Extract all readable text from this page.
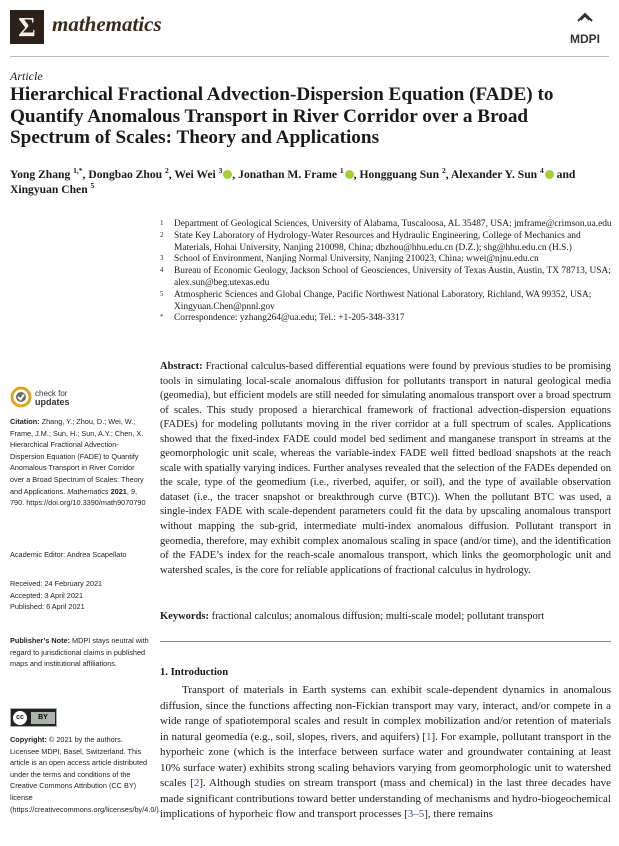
Σ mathematics
MDPI
Article
Hierarchical Fractional Advection-Dispersion Equation (FADE) to Quantify Anomalous Transport in River Corridor over a Broad Spectrum of Scales: Theory and Applications
Yong Zhang $^{1,*}$, Dongbao Zhou $^2$, Wei Wei $^3$ , Jonathan M. Frame $^1$ , Hongguang Sun $^2$, Alexander Y. Sun $^4$ and Xingyuan Chen $^5$
1	Department of Geological Sciences, University of Alabama, Tuscaloosa, AL 35487, USA; jmframe@crimson.ua.edu
2	State Key Laboratory of Hydrology-Water Resources and Hydraulic Engineering, College of Mechanics and Materials, Hohai University, Nanjing 210098, China; dbzhou@hhu.edu.cn (D.Z.); shg@hhu.edu.cn (H.S.)
3	School of Environment, Nanjing Normal University, Nanjing 210023, China; wwei@njnu.edu.cn
4	Bureau of Economic Geology, Jackson School of Geosciences, University of Texas Austin, Austin, TX 78713, USA; alex.sun@beg.utexas.edu
5	Atmospheric Sciences and Global Change, Pacific Northwest National Laboratory, Richland, WA 99352, USA; Xingyuan.Chen@pnnl.gov
*	Correspondence: yzhang264@ua.edu; Tel.: +1-205-348-3317
check for
updates
Citation: Zhang, Y.; Zhou, D.; Wei, W.; Frame, J.M.; Sun, H.; Sun, A.Y.; Chen, X. Hierarchical Fractional Advection-Dispersion Equation (FADE) to Quantify Anomalous Transport in River Corridor over a Broad Spectrum of Scales: Theory and Applications. Mathematics 2021, 9, 790. https://doi.org/10.3390/math9070790
Academic Editor: Andrea Scapellato
Received: 24 February 2021
Accepted: 3 April 2021
Published: 6 April 2021
Publisher’s Note: MDPI stays neutral with regard to jurisdictional claims in published maps and institutional affiliations.
cc	BY
Copyright: © 2021 by the authors. Licensee MDPI, Basel, Switzerland. This article is an open access article distributed under the terms and conditions of the Creative Commons Attribution (CC BY) license (https://creativecommons.org/licenses/by/4.0/).
Abstract: Fractional calculus-based differential equations were found by previous studies to be promising tools in simulating local-scale anomalous diffusion for pollutants transport in natural geological media (geomedia), but efficient models are still needed for simulating anomalous transport over a broad spectrum of scales. This study proposed a hierarchical framework of fractional advection-dispersion equations (FADEs) for modeling pollutants moving in the river corridor at a full spectrum of scales. Applications showed that the fixed-index FADE could model bed sediment and manganese transport in streams at the geomorphologic unit scale, whereas the variable-index FADE well fitted bedload snapshots at the reach scale with spatially varying indices. Further analyses revealed that the selection of the FADEs depended on the scale, type of the geomedium (i.e., riverbed, aquifer, or soil), and the type of available observation dataset (i.e., the tracer snapshot or breakthrough curve (BTC)). When the pollutant BTC was used, a single-index FADE with scale-dependent parameters could fit the data by upscaling anomalous transport without mapping the sub-grid, intermediate multi-index anomalous diffusion. Pollutant transport in geomedia, therefore, may exhibit complex anomalous scaling in space (and/or time), and the identification of the FADE’s index for the reach-scale anomalous transport, which links the geomorphologic unit and watershed scales, is the core for reliable applications of fractional calculus in hydrology.
Keywords: fractional calculus; anomalous diffusion; multi-scale model; pollutant transport
1. Introduction
Transport of materials in Earth systems can exhibit scale-dependent dynamics in anomalous diffusion, since the functions affecting non-Fickian transport may vary, interact, and/or compete in a wide range of spatiotemporal scales and result in complex mobilization and/or retention of materials in natural geomedia (e.g., soil, slopes, rivers, and aquifers) [1]. For example, pollutant transport in the hyporheic zone (which is the interface between surface water and groundwater containing at least 10% surface water) exhibits strong scaling behaviors varying from geomorphologic unit to watershed scales [2]. Although studies on stream transport (mass and chemical) in the last three decades have made significant contributions toward better understanding of mechanisms and hydro-biogeochemical implications of hyporheic flow and transport processes [3–5], there remains
